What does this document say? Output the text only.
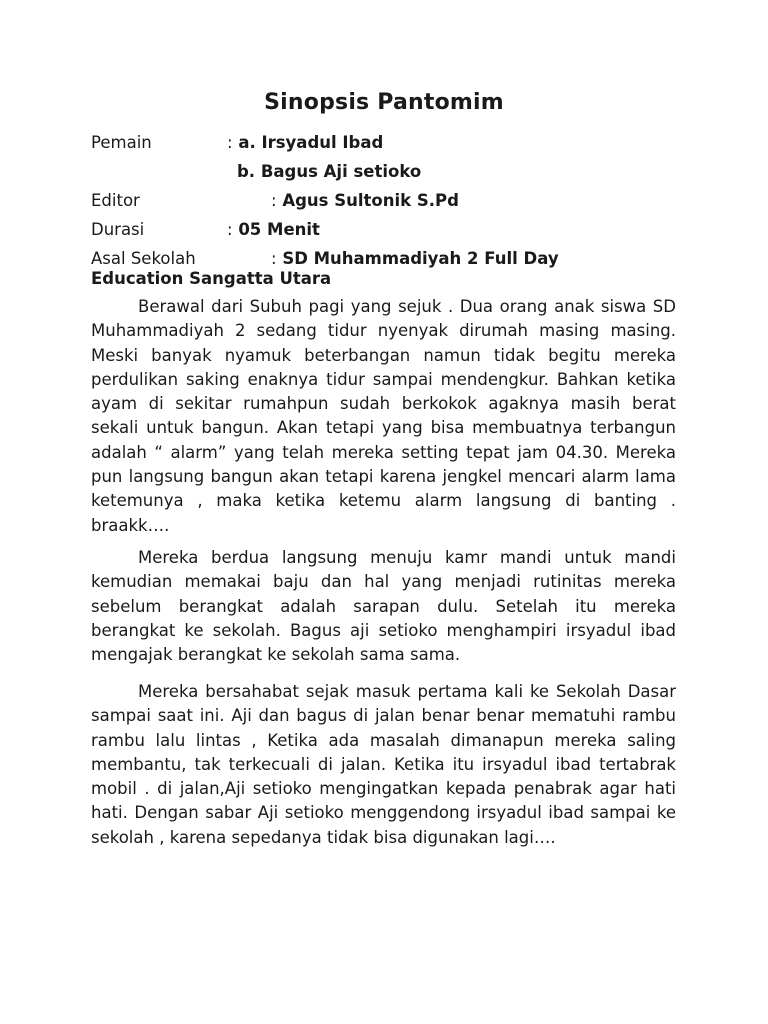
Sinopsis Pantomim
Pemain	: a. Irsyadul Ibad
b. Bagus Aji setioko
Editor	: Agus Sultonik S.Pd
Durasi	: 05 Menit
Asal Sekolah	: SD Muhammadiyah 2 Full Day
Education Sangatta Utara

Berawal dari Subuh pagi yang sejuk . Dua orang anak siswa SD Muhammadiyah 2 sedang tidur nyenyak dirumah masing masing. Meski banyak nyamuk beterbangan namun tidak begitu mereka perdulikan saking enaknya tidur sampai mendengkur. Bahkan ketika ayam di sekitar rumahpun sudah berkokok agaknya masih berat sekali untuk bangun. Akan tetapi yang bisa membuatnya terbangun adalah “ alarm” yang telah mereka setting tepat jam 04.30. Mereka pun langsung bangun akan tetapi karena jengkel mencari alarm lama ketemunya , maka ketika ketemu alarm langsung di banting . braakk….

Mereka berdua langsung menuju kamr mandi untuk mandi kemudian memakai baju dan hal yang menjadi rutinitas mereka sebelum berangkat adalah sarapan dulu. Setelah itu mereka berangkat ke sekolah. Bagus aji setioko menghampiri irsyadul ibad mengajak berangkat ke sekolah sama sama.

Mereka bersahabat sejak masuk pertama kali ke Sekolah Dasar sampai saat ini. Aji dan bagus di jalan benar benar mematuhi rambu rambu lalu lintas , Ketika ada masalah dimanapun mereka saling membantu, tak terkecuali di jalan. Ketika itu irsyadul ibad tertabrak mobil . di jalan,Aji setioko mengingatkan kepada penabrak agar hati hati. Dengan sabar Aji setioko menggendong irsyadul ibad sampai ke sekolah , karena sepedanya tidak bisa digunakan lagi….
